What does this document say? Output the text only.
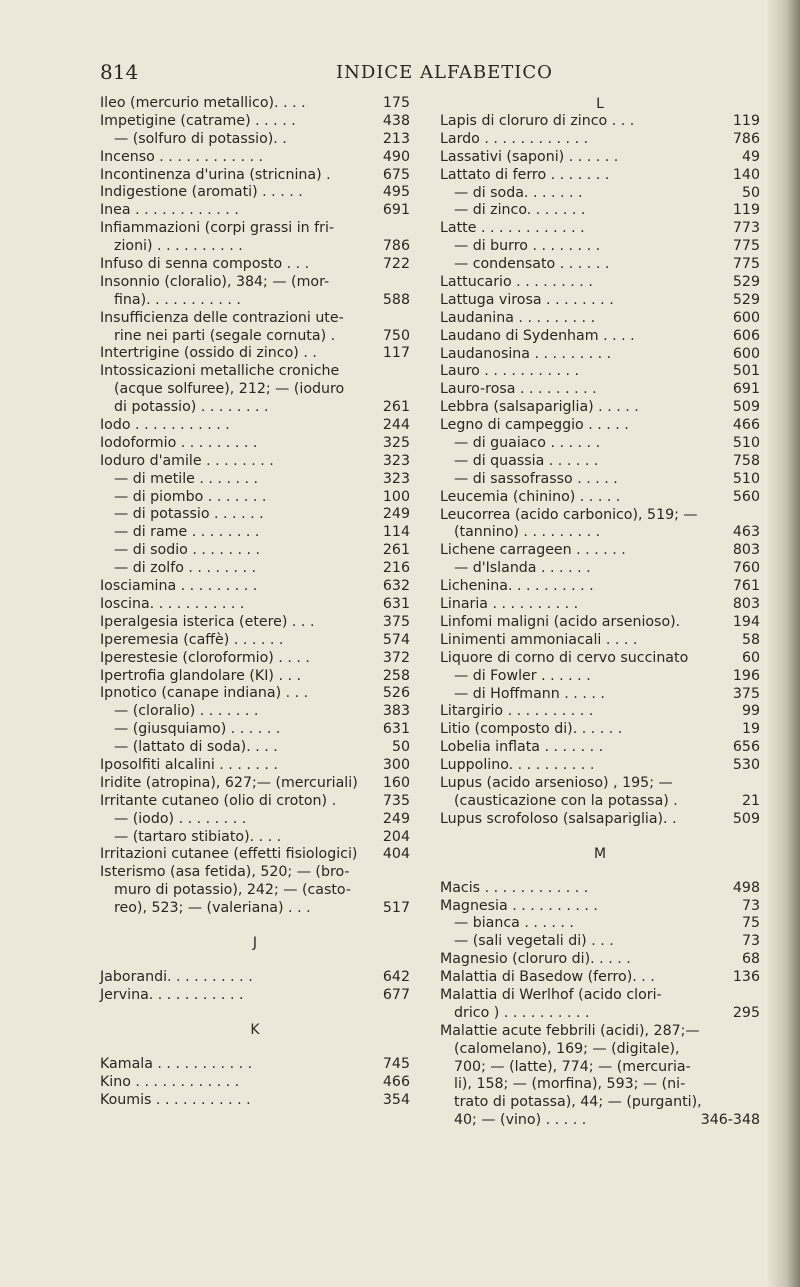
814	INDICE ALFABETICO
Ileo (mercurio metallico). . . .	175
Impetigine (catrame) . . . . .	438
— (solfuro di potassio). .	213
Incenso . . . . . . . . . . . .	490
Incontinenza d'urina (stricnina) .	675
Indigestione (aromati) . . . . .	495
Inea . . . . . . . . . . . .	691
Infiammazioni (corpi grassi in fri-
zioni) . . . . . . . . . .	786
Infuso di senna composto . . .	722
Insonnio (cloralio), 384; — (mor-
fina). . . . . . . . . . .	588
Insufficienza delle contrazioni ute-
rine nei parti (segale cornuta) .	750
Intertrigine (ossido di zinco) . .	117
Intossicazioni metalliche croniche
(acque solfuree), 212; — (ioduro
di potassio) . . . . . . . .	261
Iodo . . . . . . . . . . .	244
Iodoformio . . . . . . . . .	325
Ioduro d'amile . . . . . . . .	323
— di metile . . . . . . .	323
— di piombo . . . . . . .	100
— di potassio . . . . . .	249
— di rame . . . . . . . .	114
— di sodio . . . . . . . .	261
— di zolfo . . . . . . . .	216
Iosciamina . . . . . . . . .	632
Ioscina. . . . . . . . . . .	631
Iperalgesia isterica (etere) . . .	375
Iperemesia (caffè) . . . . . .	574
Iperestesie (cloroformio) . . . .	372
Ipertrofia glandolare (KI) . . .	258
Ipnotico (canape indiana) . . .	526
— (cloralio) . . . . . . .	383
— (giusquiamo) . . . . . .	631
— (lattato di soda). . . .	50
Iposolfiti alcalini . . . . . . .	300
Iridite (atropina), 627;— (mercuriali) 160
Irritante cutaneo (olio di croton) .	735
— (iodo) . . . . . . . .	249
— (tartaro stibiato). . . .	204
Irritazioni cutanee (effetti fisiologici) 404
Isterismo (asa fetida), 520; — (bro-
muro di potassio), 242; — (casto-
reo), 523; — (valeriana) . . .	517
J
Jaborandi. . . . . . . . . .	642
Jervina. . . . . . . . . . .	677
K
Kamala . . . . . . . . . . .	745
Kino . . . . . . . . . . . .	466
Koumis . . . . . . . . . . .	354
L
Lapis di cloruro di zinco . . .	119
Lardo . . . . . . . . . . . .	786
Lassativi (saponi) . . . . . .	49
Lattato di ferro . . . . . . .	140
— di soda. . . . . . .	50
— di zinco. . . . . . .	119
Latte . . . . . . . . . . . .	773
— di burro . . . . . . . .	775
— condensato . . . . . .	775
Lattucario . . . . . . . . .	529
Lattuga virosa . . . . . . . .	529
Laudanina . . . . . . . . .	600
Laudano di Sydenham . . . .	606
Laudanosina . . . . . . . . .	600
Lauro . . . . . . . . . . .	501
Lauro-rosa . . . . . . . . .	691
Lebbra (salsapariglia) . . . . .	509
Legno di campeggio . . . . .	466
— di guaiaco . . . . . .	510
— di quassia . . . . . .	758
— di sassofrasso . . . . .	510
Leucemia (chinino) . . . . .	560
Leucorrea (acido carbonico), 519; —
(tannino) . . . . . . . . .	463
Lichene carrageen . . . . . .	803
— d'Islanda . . . . . .	760
Lichenina. . . . . . . . . .	761
Linaria . . . . . . . . . .	803
Linfomi maligni (acido arsenioso).	194
Linimenti ammoniacali . . . .	58
Liquore di corno di cervo succinato	60
— di Fowler . . . . . .	196
— di Hoffmann . . . . .	375
Litargirio . . . . . . . . . .	99
Litio (composto di). . . . . .	19
Lobelia inflata . . . . . . .	656
Luppolino. . . . . . . . . .	530
Lupus (acido arsenioso) , 195; —
(causticazione con la potassa) .	21
Lupus scrofoloso (salsapariglia). .	509
M
Macis . . . . . . . . . . . .	498
Magnesia . . . . . . . . . .	73
— bianca . . . . . .	75
— (sali vegetali di) . . .	73
Magnesio (cloruro di). . . . .	68
Malattia di Basedow (ferro). . .	136
Malattia di Werlhof (acido clori-
drico ) . . . . . . . . . .	295
Malattie acute febbrili (acidi), 287;—
(calomelano), 169; — (digitale),
700; — (latte), 774; — (mercuria-
li), 158; — (morfina), 593; — (ni-
trato di potassa), 44; — (purganti),
40; — (vino) . . . . .	346-348
